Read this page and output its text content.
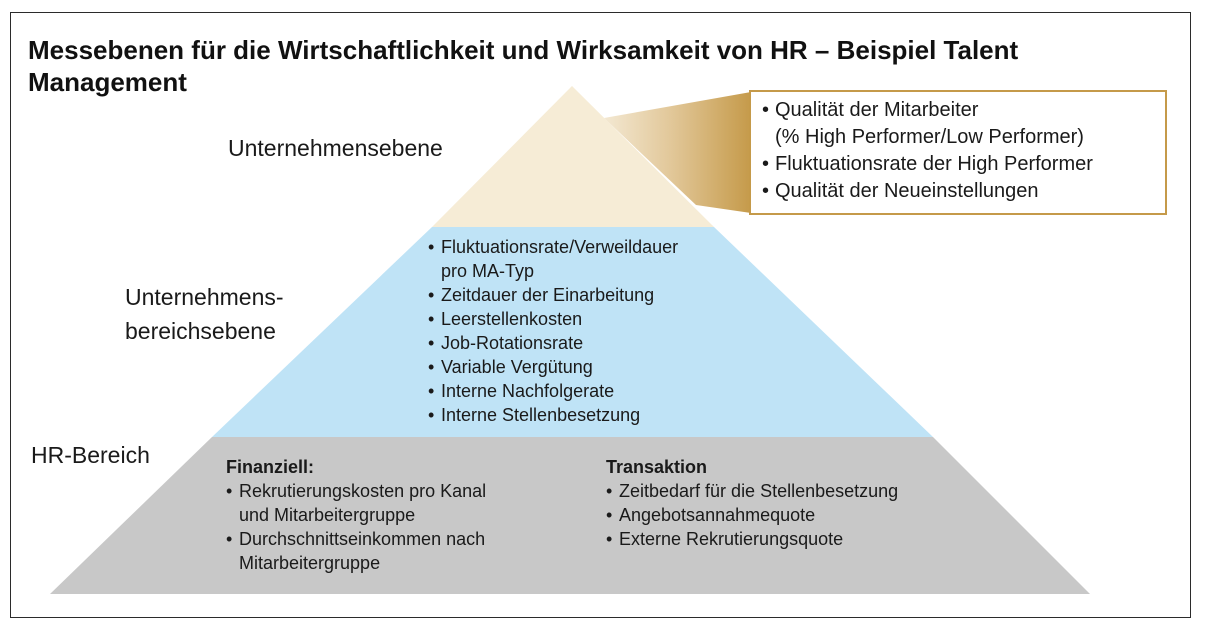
Messebenen für die Wirtschaftlichkeit und Wirksamkeit von HR – Beispiel Talent Management
Unternehmensebene
Unternehmens-
bereichsebene
HR-Bereich
• Qualität der Mitarbeiter
(% High Performer/Low Performer)
• Fluktuationsrate der High Performer
• Qualität der Neueinstellungen
• Fluktuationsrate/Verweildauer
pro MA-Typ
• Zeitdauer der Einarbeitung
• Leerstellenkosten
• Job-Rotationsrate
• Variable Vergütung
• Interne Nachfolgerate
• Interne Stellenbesetzung
Finanziell:
• Rekrutierungskosten pro Kanal
und Mitarbeitergruppe
• Durchschnittseinkommen nach
Mitarbeitergruppe
Transaktion
• Zeitbedarf für die Stellenbesetzung
• Angebotsannahmequote
• Externe Rekrutierungsquote
